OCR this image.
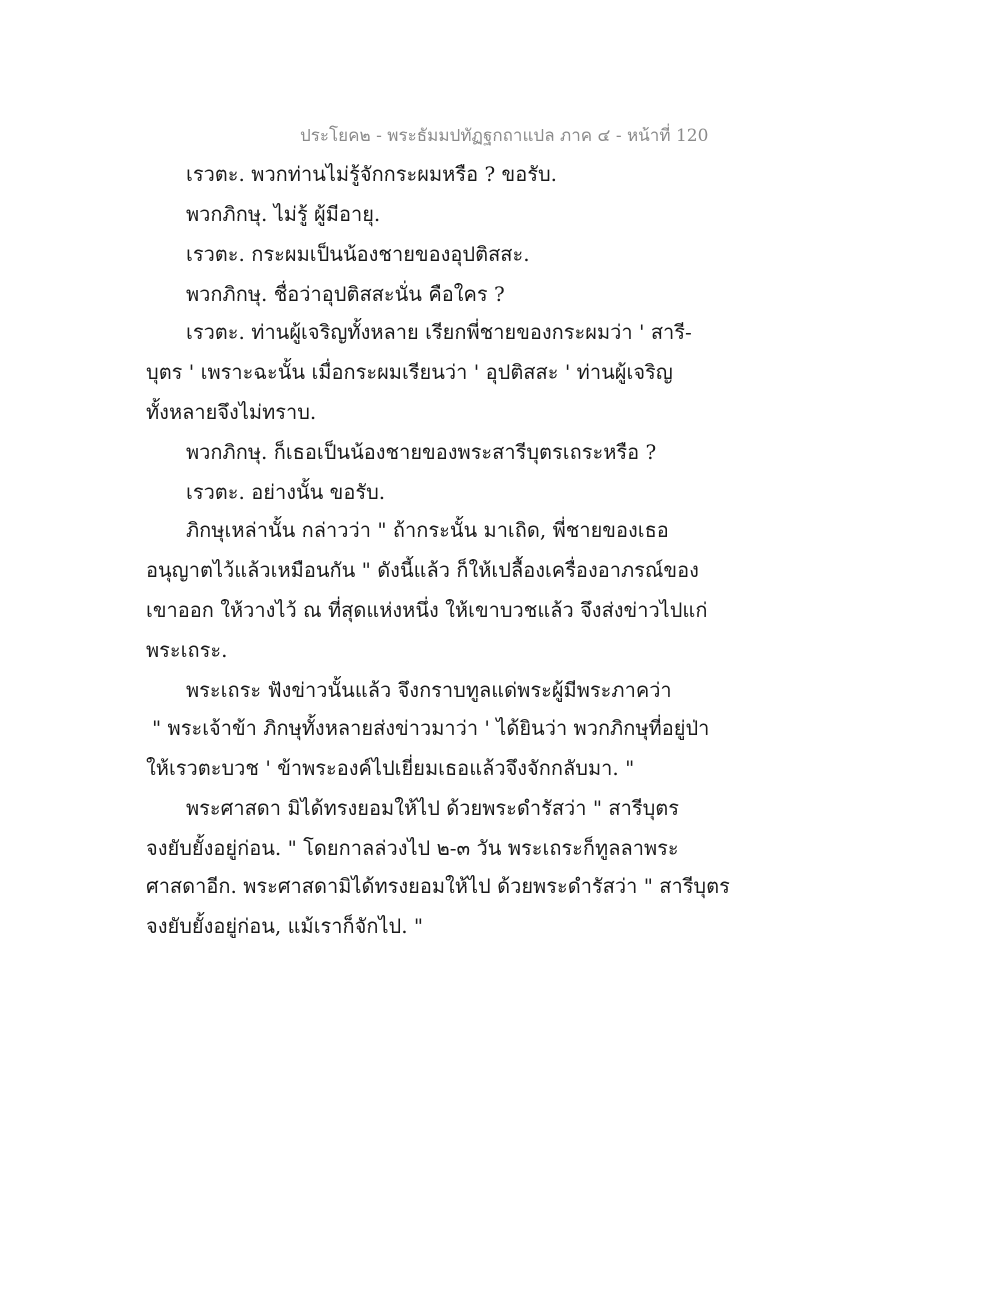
ประโยค๒ - พระธัมมปทัฏฐกถาแปล ภาค ๔ - หน้าที่ 120
เรวตะ. พวกท่านไม่รู้จักกระผมหรือ ? ขอรับ.
พวกภิกษุ. ไม่รู้ ผู้มีอายุ.
เรวตะ. กระผมเป็นน้องชายของอุปติสสะ.
พวกภิกษุ. ชื่อว่าอุปติสสะนั่น คือใคร ?
เรวตะ. ท่านผู้เจริญทั้งหลาย เรียกพี่ชายของกระผมว่า ' สารี-
บุตร ' เพราะฉะนั้น เมื่อกระผมเรียนว่า ' อุปติสสะ ' ท่านผู้เจริญ
ทั้งหลายจึงไม่ทราบ.
พวกภิกษุ. ก็เธอเป็นน้องชายของพระสารีบุตรเถระหรือ ?
เรวตะ. อย่างนั้น ขอรับ.
ภิกษุเหล่านั้น กล่าวว่า " ถ้ากระนั้น มาเถิด, พี่ชายของเธอ
อนุญาตไว้แล้วเหมือนกัน " ดังนี้แล้ว ก็ให้เปลื้องเครื่องอาภรณ์ของ
เขาออก ให้วางไว้ ณ ที่สุดแห่งหนึ่ง ให้เขาบวชแล้ว จึงส่งข่าวไปแก่
พระเถระ.
พระเถระ ฟังข่าวนั้นแล้ว จึงกราบทูลแด่พระผู้มีพระภาคว่า
" พระเจ้าข้า ภิกษุทั้งหลายส่งข่าวมาว่า ' ได้ยินว่า พวกภิกษุที่อยู่ป่า
ให้เรวตะบวช ' ข้าพระองค์ไปเยี่ยมเธอแล้วจึงจักกลับมา. "
พระศาสดา มิได้ทรงยอมให้ไป ด้วยพระดำรัสว่า " สารีบุตร
จงยับยั้งอยู่ก่อน. " โดยกาลล่วงไป ๒-๓ วัน พระเถระก็ทูลลาพระ
ศาสดาอีก. พระศาสดามิได้ทรงยอมให้ไป ด้วยพระดำรัสว่า " สารีบุตร
จงยับยั้งอยู่ก่อน, แม้เราก็จักไป. "
